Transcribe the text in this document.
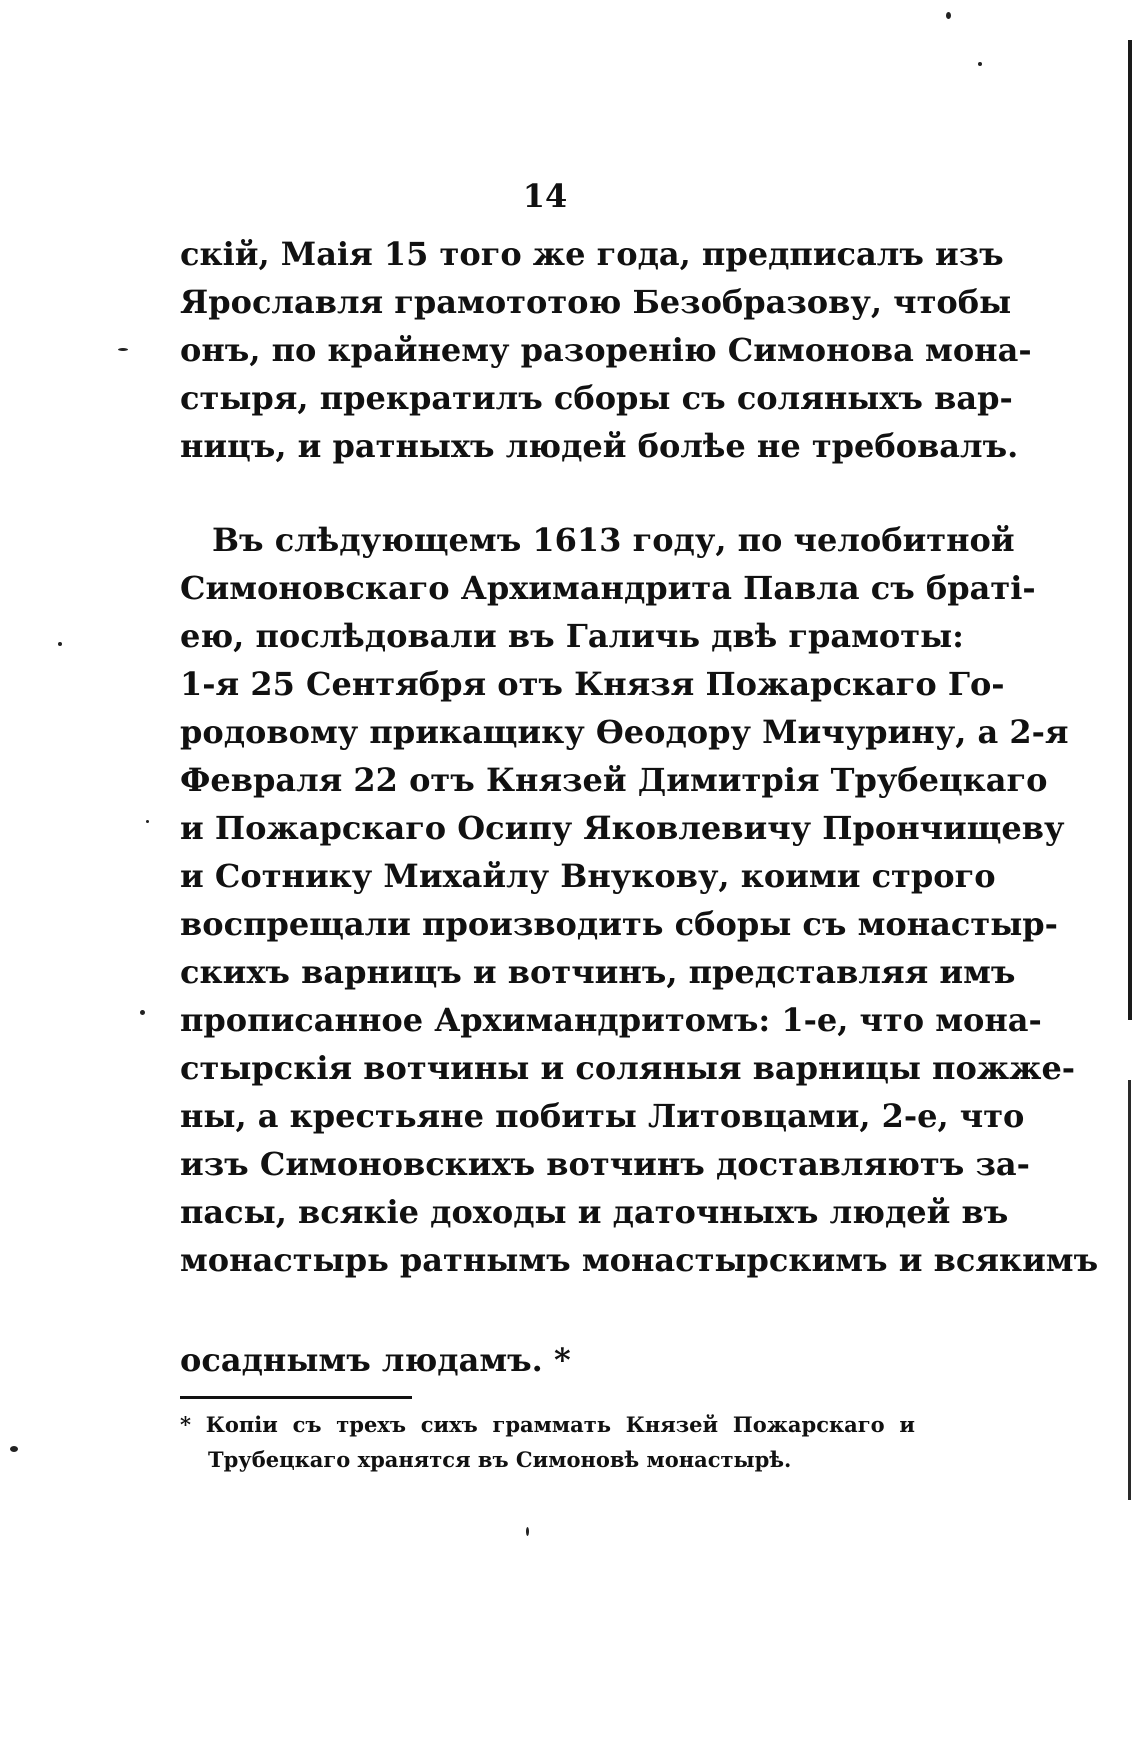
14
скій, Маія 15 того же года, предписалъ изъ
Ярославля грамототою Безобразову, чтобы
онъ, по крайнему разоренію Симонова мона-
стыря, прекратилъ сборы съ соляныхъ вар-
ницъ, и ратныхъ людей болѣе не требовалъ.
Въ слѣдующемъ 1613 году, по челобитной
Симоновскаго Архимандрита Павла съ браті-
ею, послѣдовали въ Галичь двѣ грамоты:
1-я 25 Сентября отъ Князя Пожарскаго Го-
родовому прикащику Ѳеодору Мичурину, а 2-я
Февраля 22 отъ Князей Димитрія Трубецкаго
и Пожарскаго Осипу Яковлевичу Прончищеву
и Сотнику Михайлу Внукову, коими строго
воспрещали производить сборы съ монастыр-
скихъ варницъ и вотчинъ, представляя имъ
прописанное Архимандритомъ: 1-е, что мона-
стырскія вотчины и соляныя варницы пожже-
ны, а крестьяне побиты Литовцами, 2-е, что
изъ Симоновскихъ вотчинъ доставляютъ за-
пасы, всякіе доходы и даточныхъ людей въ
монастырь ратнымъ монастырскимъ и всякимъ
осаднымъ людамъ. *
* Копіи съ трехъ сихъ граммать Князей Пожарскаго и
Трубецкаго хранятся въ Симоновѣ монастырѣ.
